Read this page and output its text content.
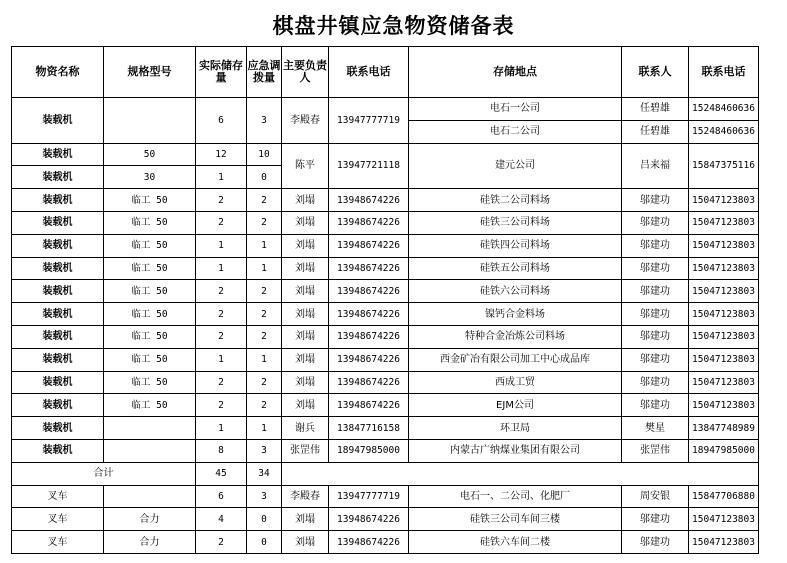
棋盘井镇应急物资储备表
物资名称	规格型号	实际储存量	应急调拨量	主要负责人	联系电话	存储地点	联系人	联系电话
装载机		6	3	李殿春	13947777719	电石一公司	任碧雄	15248460636
						电石二公司	任碧雄	15248460636
装载机	50	12	10	陈平	13947721118	建元公司	吕来福	15847375116
装载机	30	1	0					
装载机	临工 50	2	2	刘塌	13948674226	硅铁二公司料场	邬建功	15047123803
装载机	临工 50	2	2	刘塌	13948674226	硅铁三公司料场	邬建功	15047123803
装载机	临工 50	1	1	刘塌	13948674226	硅铁四公司料场	邬建功	15047123803
装载机	临工 50	1	1	刘塌	13948674226	硅铁五公司料场	邬建功	15047123803
装载机	临工 50	2	2	刘塌	13948674226	硅铁六公司料场	邬建功	15047123803
装载机	临工 50	2	2	刘塌	13948674226	镍钙合金料场	邬建功	15047123803
装载机	临工 50	2	2	刘塌	13948674226	特种合金冶炼公司料场	邬建功	15047123803
装载机	临工 50	1	1	刘塌	13948674226	西金矿冶有限公司加工中心成品库	邬建功	15047123803
装载机	临工 50	2	2	刘塌	13948674226	西成工贸	邬建功	15047123803
装载机	临工 50	2	2	刘塌	13948674226	EJM公司	邬建功	15047123803
装载机		1	1	谢兵	13847716158	环卫局	樊星	13847748989
装载机		8	3	张罡伟	18947985000	内蒙古广纳煤业集团有限公司	张罡伟	18947985000
合计		45	34					
叉车		6	3	李殿春	13947777719	电石一、二公司、化肥厂	周安银	15847706880
叉车	合力	4	0	刘塌	13948674226	硅铁三公司车间三楼	邬建功	15047123803
叉车	合力	2	0	刘塌	13948674226	硅铁六车间二楼	邬建功	15047123803
